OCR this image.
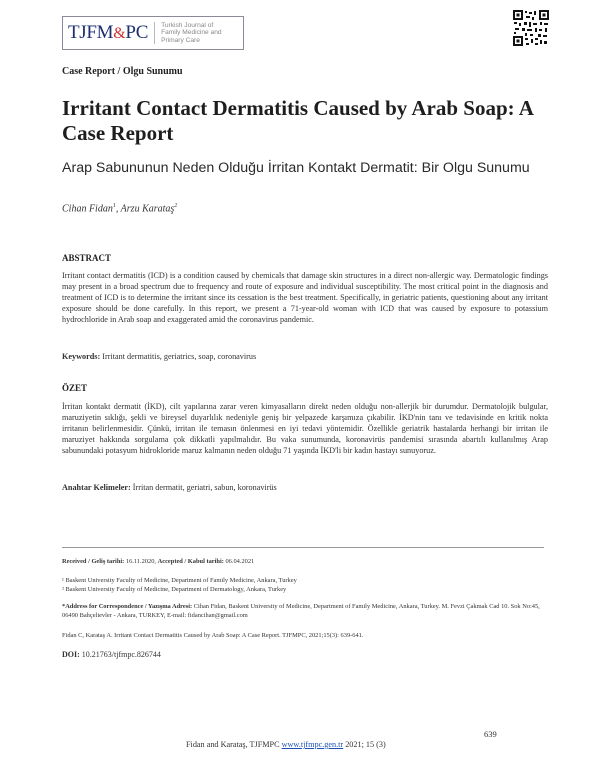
TJFM&PC	Turkish Journal of
Family Medicine and
Primary Care
Case Report / Olgu Sunumu
Irritant Contact Dermatitis Caused by Arab Soap: A Case Report
Arap Sabununun Neden Olduğu İrritan Kontakt Dermatit: Bir Olgu Sunumu
Cihan Fidan$^1$, Arzu Karataş$^2$
ABSTRACT
Irritant contact dermatitis (ICD) is a condition caused by chemicals that damage skin structures in a direct non-allergic way. Dermatologic findings may present in a broad spectrum due to frequency and route of exposure and individual susceptibility. The most critical point in the diagnosis and treatment of ICD is to determine the irritant since its cessation is the best treatment. Specifically, in geriatric patients, questioning about any irritant exposure should be done carefully. In this report, we present a 71-year-old woman with ICD that was caused by exposure to potassium hydrochloride in Arab soap and exaggerated amid the coronavirus pandemic.
Keywords: Irritant dermatitis, geriatrics, soap, coronavirus
ÖZET
İrritan kontakt dermatit (İKD), cilt yapılarına zarar veren kimyasalların direkt neden olduğu non-allerjik bir durumdur. Dermatolojik bulgular, maruziyetin sıklığı, şekli ve bireysel duyarlılık nedeniyle geniş bir yelpazede karşımıza çıkabilir. İKD'nin tanı ve tedavisinde en kritik nokta irritanın belirlenmesidir. Çünkü, irritan ile temasın önlenmesi en iyi tedavi yöntemidir. Özellikle geriatrik hastalarda herhangi bir irritan ile maruziyet hakkında sorgulama çok dikkatli yapılmalıdır. Bu vaka sunumunda, koronavirüs pandemisi sırasında abartılı kullanılmış Arap sabunundaki potasyum hidrokloride maruz kalmanın neden olduğu 71 yaşında İKD'li bir kadın hastayı sunuyoruz.
Anahtar Kelimeler: İrritan dermatit, geriatri, sabun, koronavirüs
Received / Geliş tarihi: 16.11.2020, Accepted / Kabul tarihi: 06.04.2021
¹ Baskent University Faculty of Medicine, Department of Family Medicine, Ankara, Turkey
² Baskent University Faculty of Medicine, Department of Dermatology, Ankara, Turkey
*Address for Correspondence / Yazışma Adresi: Cihan Fidan, Baskent University of Medicine, Department of Family Medicine, Ankara, Turkey. M. Fevzi Çakmak Cad 10. Sok No:45, 06490 Bahçelievler - Ankara, TURKEY, E-mail: fidancihan@gmail.com
Fidan C, Karataş A. Irritant Contact Dermatitis Caused by Arab Soap: A Case Report. TJFMPC, 2021;15(3): 639-641.
DOI: 10.21763/tjfmpc.826744
Fidan and Karataş, TJFMPC www.tjfmpc.gen.tr 2021; 15 (3)
639
